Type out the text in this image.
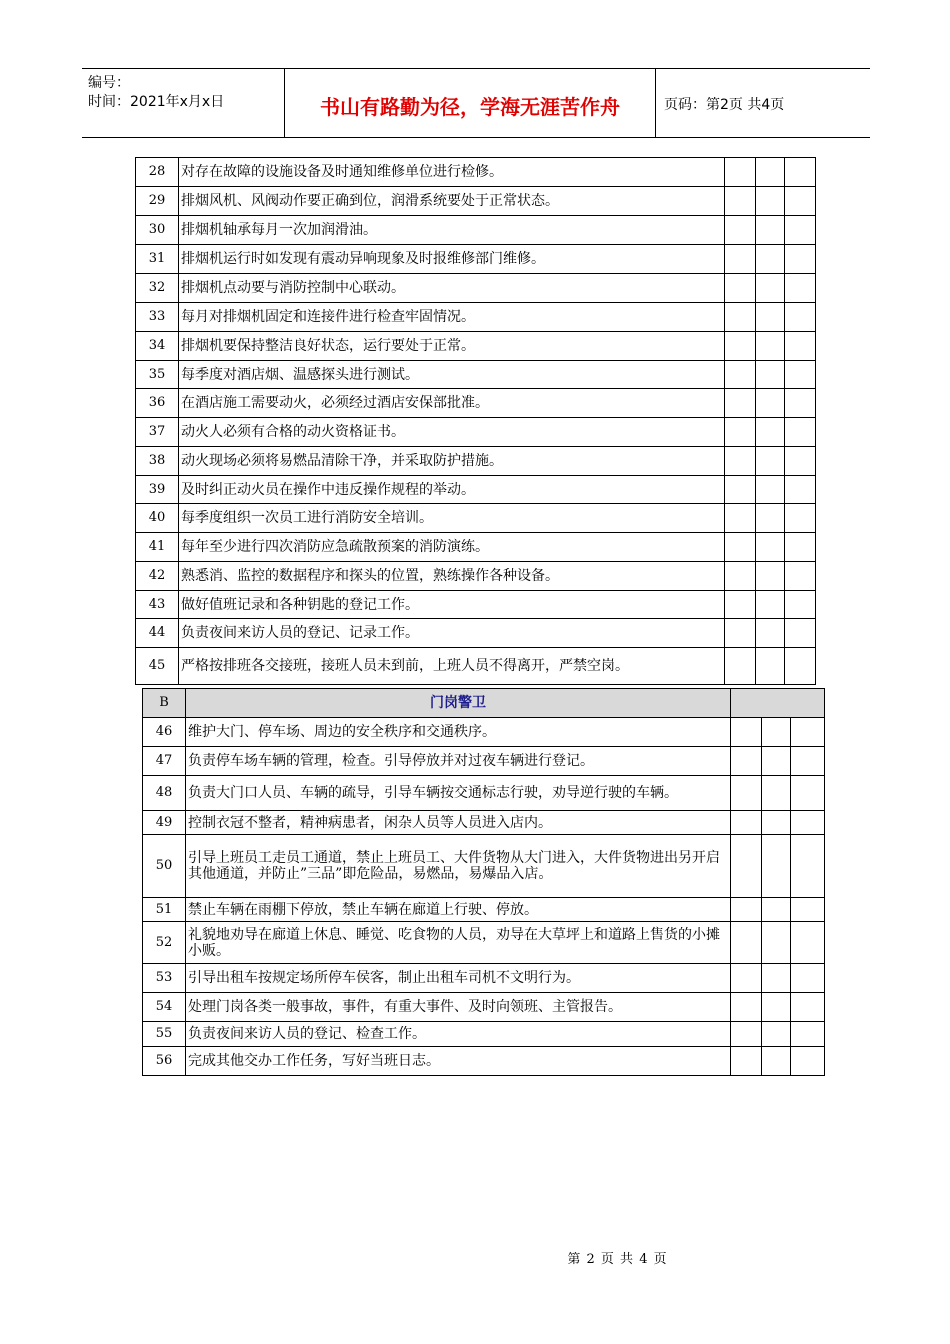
编号：
时间：2021年x月x日	书山有路勤为径，学海无涯苦作舟	页码：第2页 共4页
28	对存在故障的设施设备及时通知维修单位进行检修。			
29	排烟风机、风阀动作要正确到位，润滑系统要处于正常状态。			
30	排烟机轴承每月一次加润滑油。			
31	排烟机运行时如发现有震动异响现象及时报维修部门维修。			
32	排烟机点动要与消防控制中心联动。			
33	每月对排烟机固定和连接件进行检查牢固情况。			
34	排烟机要保持整洁良好状态，运行要处于正常。			
35	每季度对酒店烟、温感探头进行测试。			
36	在酒店施工需要动火，必须经过酒店安保部批准。			
37	动火人必须有合格的动火资格证书。			
38	动火现场必须将易燃品清除干净，并采取防护措施。			
39	及时纠正动火员在操作中违反操作规程的举动。			
40	每季度组织一次员工进行消防安全培训。			
41	每年至少进行四次消防应急疏散预案的消防演练。			
42	熟悉消、监控的数据程序和探头的位置，熟练操作各种设备。			
43	做好值班记录和各种钥匙的登记工作。			
44	负责夜间来访人员的登记、记录工作。			
45	严格按排班各交接班，接班人员未到前，上班人员不得离开，严禁空岗。			
B	门岗警卫			
46	维护大门、停车场、周边的安全秩序和交通秩序。			
47	负责停车场车辆的管理，检查。引导停放并对过夜车辆进行登记。			
48	负责大门口人员、车辆的疏导，引导车辆按交通标志行驶，劝导逆行驶的车辆。			
49	控制衣冠不整者，精神病患者，闲杂人员等人员进入店内。			
50	引导上班员工走员工通道，禁止上班员工、大件货物从大门进入，大件货物进出另开启其他通道，并防止”三品”即危险品，易燃品，易爆品入店。			
51	禁止车辆在雨棚下停放，禁止车辆在廊道上行驶、停放。			
52	礼貌地劝导在廊道上休息、睡觉、吃食物的人员，劝导在大草坪上和道路上售货的小摊小贩。			
53	引导出租车按规定场所停车侯客，制止出租车司机不文明行为。			
54	处理门岗各类一般事故，事件，有重大事件、及时向领班、主管报告。			
55	负责夜间来访人员的登记、检查工作。			
56	完成其他交办工作任务，写好当班日志。			
第 2 页 共 4 页
